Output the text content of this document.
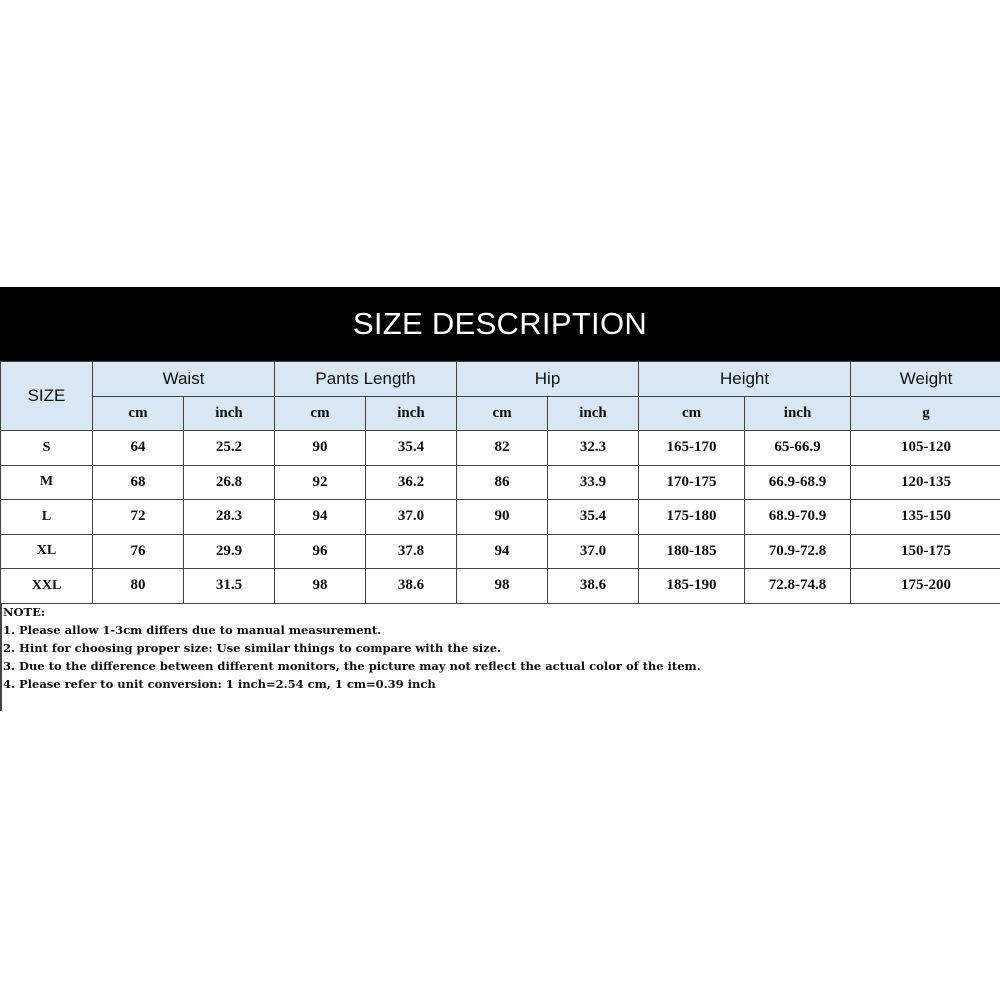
SIZE DESCRIPTION
SIZE	Waist		Pants Length		Hip		Height		Weight
	cm	inch	cm	inch	cm	inch	cm	inch	g
S	64	25.2	90	35.4	82	32.3	165-170	65-66.9	105-120
M	68	26.8	92	36.2	86	33.9	170-175	66.9-68.9	120-135
L	72	28.3	94	37.0	90	35.4	175-180	68.9-70.9	135-150
XL	76	29.9	96	37.8	94	37.0	180-185	70.9-72.8	150-175
XXL	80	31.5	98	38.6	98	38.6	185-190	72.8-74.8	175-200
NOTE:
1. Please allow 1-3cm differs due to manual measurement.
2. Hint for choosing proper size: Use similar things to compare with the size.
3. Due to the difference between different monitors, the picture may not reflect the actual color of the item.
4. Please refer to unit conversion: 1 inch=2.54 cm, 1 cm=0.39 inch
